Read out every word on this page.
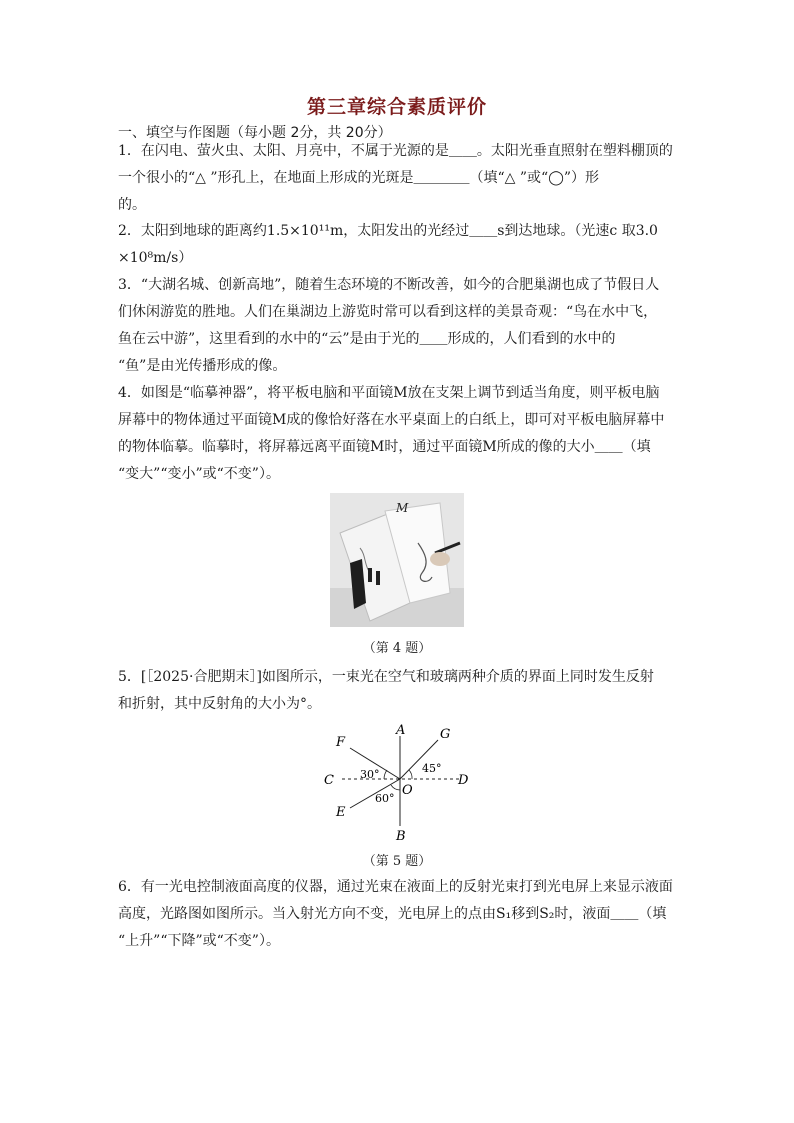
第三章综合素质评价
一、填空与作图题（每小题 2分，共 20分）
1．在闪电、萤火虫、太阳、月亮中，不属于光源的是＿＿。太阳光垂直照射在塑料棚顶的
一个很小的“△ ”形孔上，在地面上形成的光斑是＿＿＿＿（填“△ ”或“◯”）形
的。
2．太阳到地球的距离约1.5×10¹¹m，太阳发出的光经过＿＿s到达地球。（光速c 取3.0
×10⁸m/s）
3．“大湖名城、创新高地”，随着生态环境的不断改善，如今的合肥巢湖也成了节假日人
们休闲游览的胜地。人们在巢湖边上游览时常可以看到这样的美景奇观：“鸟在水中飞，
鱼在云中游”，这里看到的水中的“云”是由于光的＿＿形成的，人们看到的水中的
“鱼”是由光传播形成的像。
4．如图是“临摹神器”，将平板电脑和平面镜M放在支架上调节到适当角度，则平板电脑
屏幕中的物体通过平面镜M成的像恰好落在水平桌面上的白纸上，即可对平板电脑屏幕中
的物体临摹。临摹时，将屏幕远离平面镜M时，通过平面镜M所成的像的大小＿＿（填
“变大”“变小”或“不变”）。
M
（第 4 题）
5．[［2025·合肥期末］]如图所示，一束光在空气和玻璃两种介质的界面上同时发生反射
和折射，其中反射角的大小为°。
A
B
C	D
E
F
G
O
30°	45°
60°
（第 5 题）
6．有一光电控制液面高度的仪器，通过光束在液面上的反射光束打到光电屏上来显示液面
高度，光路图如图所示。当入射光方向不变，光电屏上的点由S₁移到S₂时，液面＿＿（填
“上升”“下降”或“不变”）。
